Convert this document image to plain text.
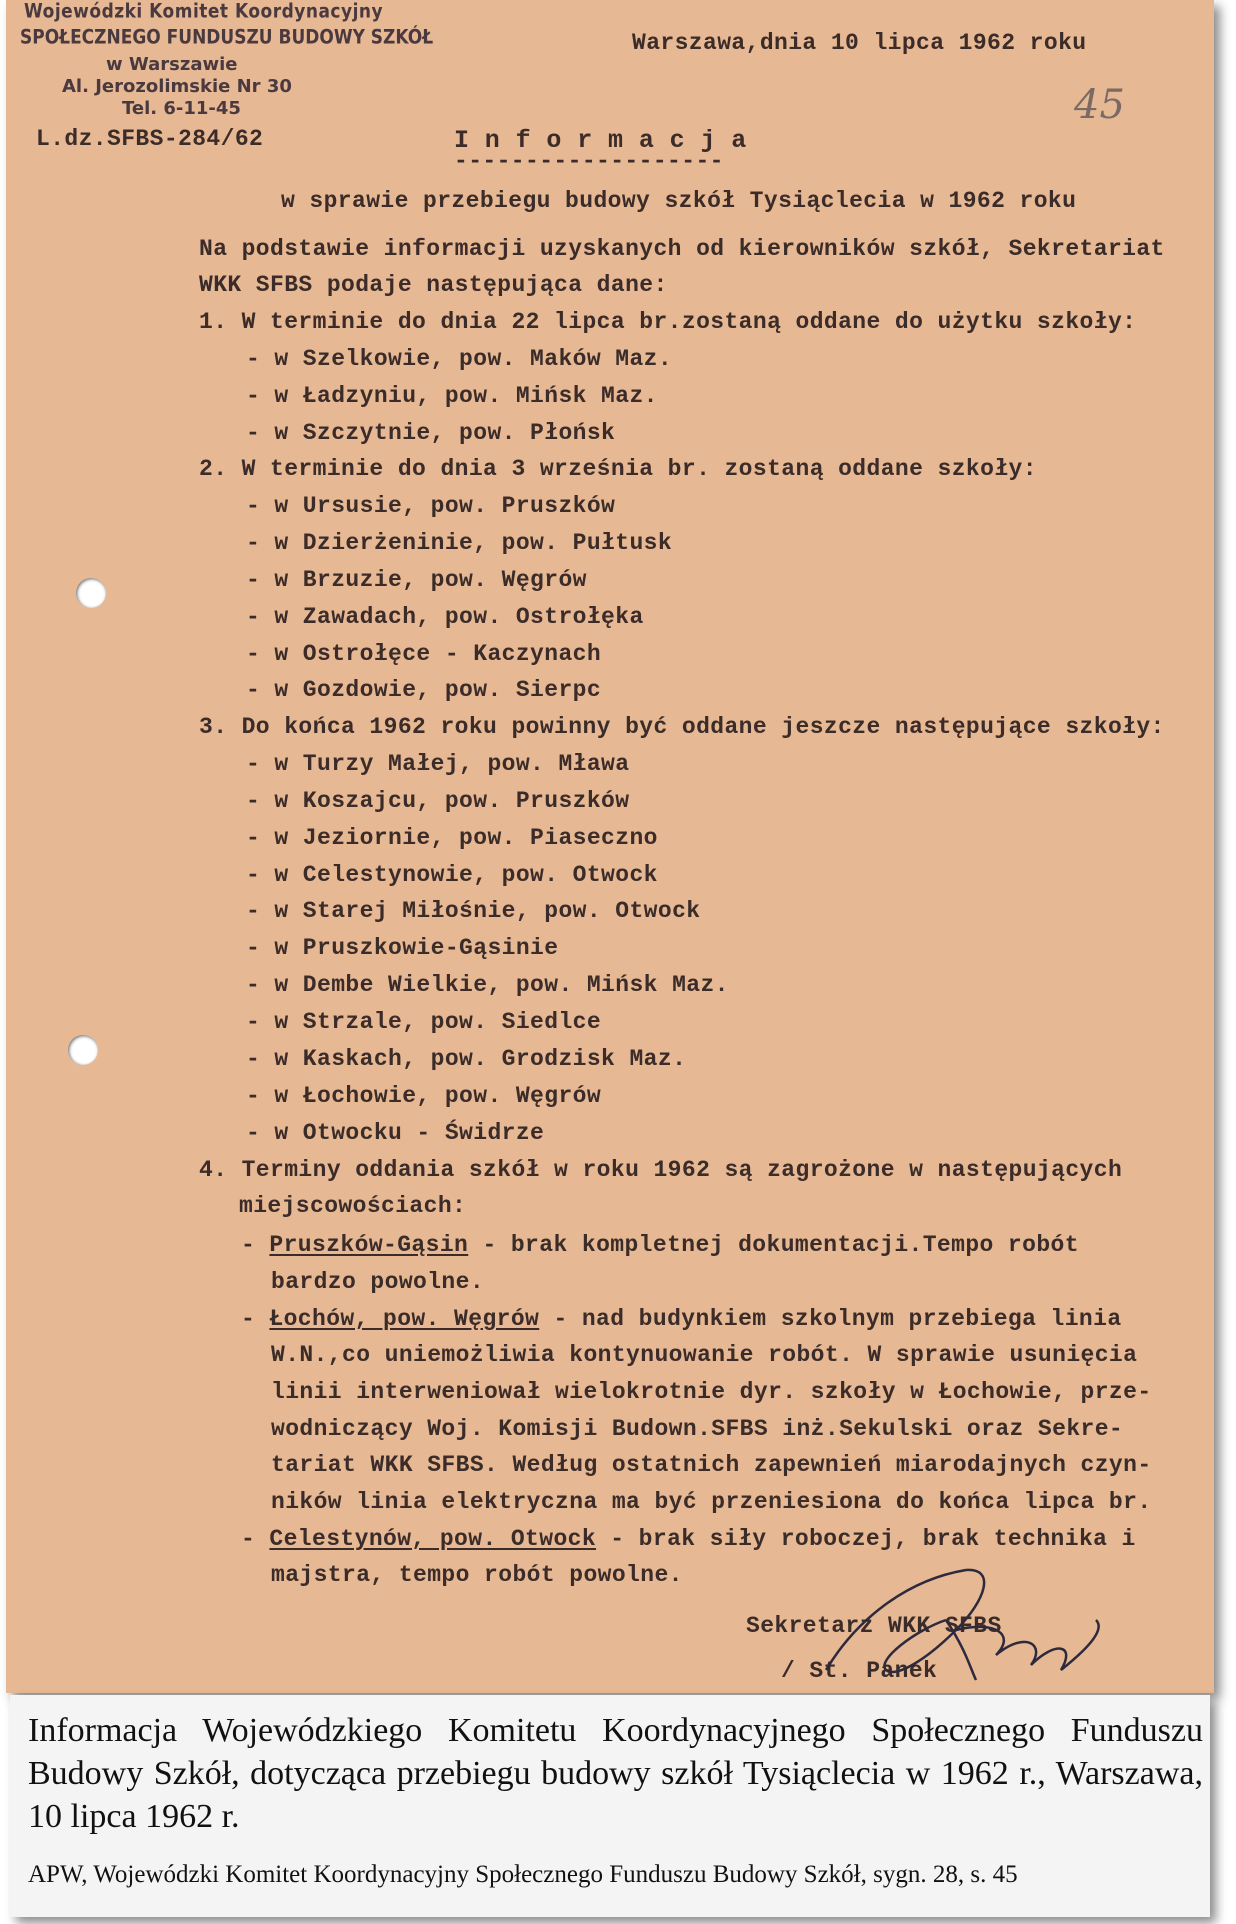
Wojewódzki Komitet Koordynacyjny
SPOŁECZNEGO FUNDUSZU BUDOWY SZKÓŁ
w Warszawie
Al. Jerozolimskie Nr 30
Tel. 6-11-45
L.dz.SFBS-284/62
Warszawa,dnia 10 lipca 1962 roku
45
I n f o r m a c j a
-------------------
w sprawie przebiegu budowy szkół Tysiąclecia w 1962 roku
Na podstawie informacji uzyskanych od kierowników szkół, Sekretariat
WKK SFBS podaje następująca dane:
1. W terminie do dnia 22 lipca br.zostaną oddane do użytku szkoły:
- w Szelkowie, pow. Maków Maz.
- w Ładzyniu, pow. Mińsk Maz.
- w Szczytnie, pow. Płońsk
2. W terminie do dnia 3 września br. zostaną oddane szkoły:
- w Ursusie, pow. Pruszków
- w Dzierżeninie, pow. Pułtusk
- w Brzuzie, pow. Węgrów
- w Zawadach, pow. Ostrołęka
- w Ostrołęce - Kaczynach
- w Gozdowie, pow. Sierpc
3. Do końca 1962 roku powinny być oddane jeszcze następujące szkoły:
- w Turzy Małej, pow. Mława
- w Koszajcu, pow. Pruszków
- w Jeziornie, pow. Piaseczno
- w Celestynowie, pow. Otwock
- w Starej Miłośnie, pow. Otwock
- w Pruszkowie-Gąsinie
- w Dembe Wielkie, pow. Mińsk Maz.
- w Strzale, pow. Siedlce
- w Kaskach, pow. Grodzisk Maz.
- w Łochowie, pow. Węgrów
- w Otwocku - Świdrze
4. Terminy oddania szkół w roku 1962 są zagrożone w następujących
miejscowościach:
- Pruszków-Gąsin - brak kompletnej dokumentacji.Tempo robót
bardzo powolne.
- Łochów, pow. Węgrów - nad budynkiem szkolnym przebiega linia
W.N.,co uniemożliwia kontynuowanie robót. W sprawie usunięcia
linii interweniował wielokrotnie dyr. szkoły w Łochowie, prze-
wodniczący Woj. Komisji Budown.SFBS inż.Sekulski oraz Sekre-
tariat WKK SFBS. Według ostatnich zapewnień miarodajnych czyn-
ników linia elektryczna ma być przeniesiona do końca lipca br.
- Celestynów, pow. Otwock - brak siły roboczej, brak technika i
majstra, tempo robót powolne.
Sekretarz WKK SFBS
/ St. Panek
Informacja Wojewódzkiego Komitetu Koordynacyjnego Społecznego Funduszu Budowy Szkół, dotycząca przebiegu budowy szkół Tysiąclecia w 1962 r., Warszawa, 10 lipca 1962 r.
APW, Wojewódzki Komitet Koordynacyjny Społecznego Funduszu Budowy Szkół, sygn. 28, s. 45
